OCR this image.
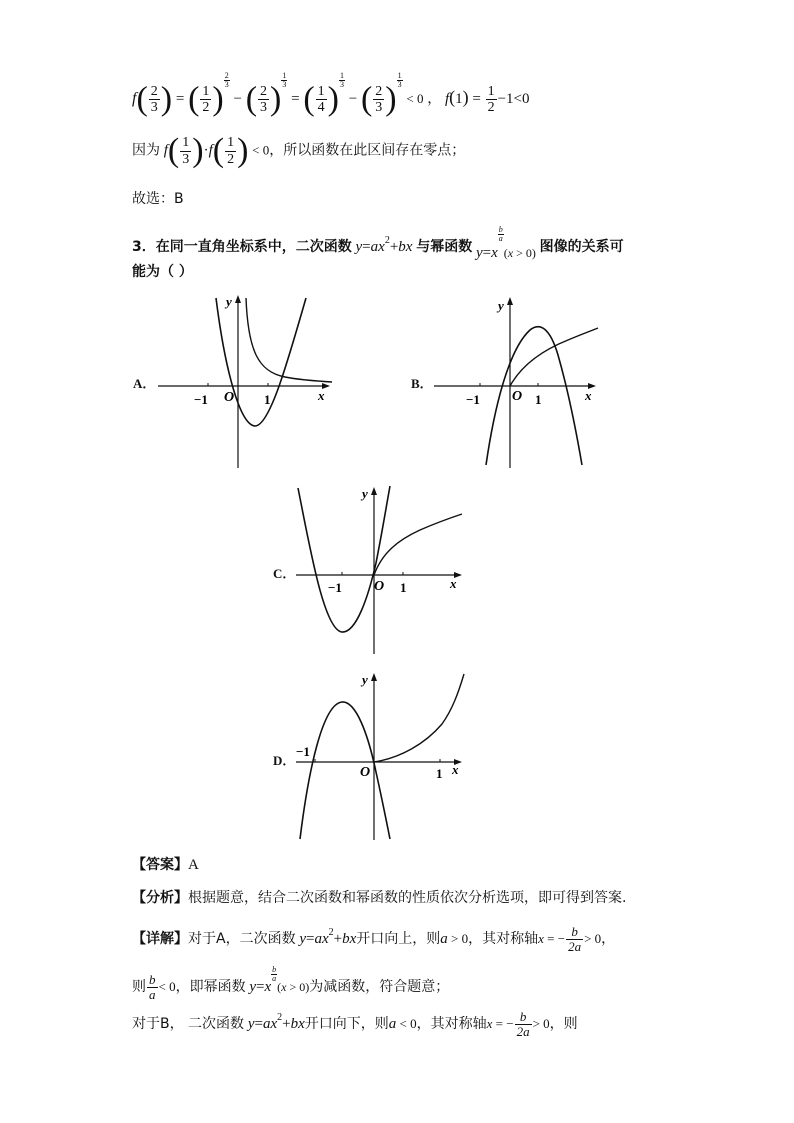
$f( \frac{2}{3}$ ) = ( $\frac{1}{2}$ )
$\frac{2}{3}$
− ( $\frac{2}{3}$ )
$\frac{1}{3}$
= ( $\frac{1}{4}$ )
$\frac{1}{3}$
− ( $\frac{2}{3}$ )
$\frac{1}{3}$
< 0 ， $f(1) = \frac{1}{2} -1<0$
因为 $f( \frac{1}{3} )\cdot f( \frac{1}{2}$ ) < 0，所以函数在此区间存在零点；
故选：B
3．在同一直角坐标系中，二次函数 $y=ax^2+bx$ 与幂函数 y=x
$\frac{b}{a}$
$_{(x > 0)}$ 图像的关系可
能为（ ）
A．
−1 O 1	x
y
B．
−1 O 1	x
y
C．
−1 O 1	x
y
D．
−1
O	1 x
y
【答案】A
【分析】根据题意，结合二次函数和幂函数的性质依次分析选项，即可得到答案.
【详解】对于A，二次函数 $y=ax^2+bx$开口向上，则a > 0，其对称轴x = − $\frac{b}{2a} > 0$，
则 $\frac{b}{a} < 0$，即幂函数 y=x
$\frac{b}{a}$
(x > 0)为减函数，符合题意；
对于B， 二次函数 $y=ax^2+bx$开口向下，则a < 0，其对称轴x = − $\frac{b}{2a} > 0$，则
